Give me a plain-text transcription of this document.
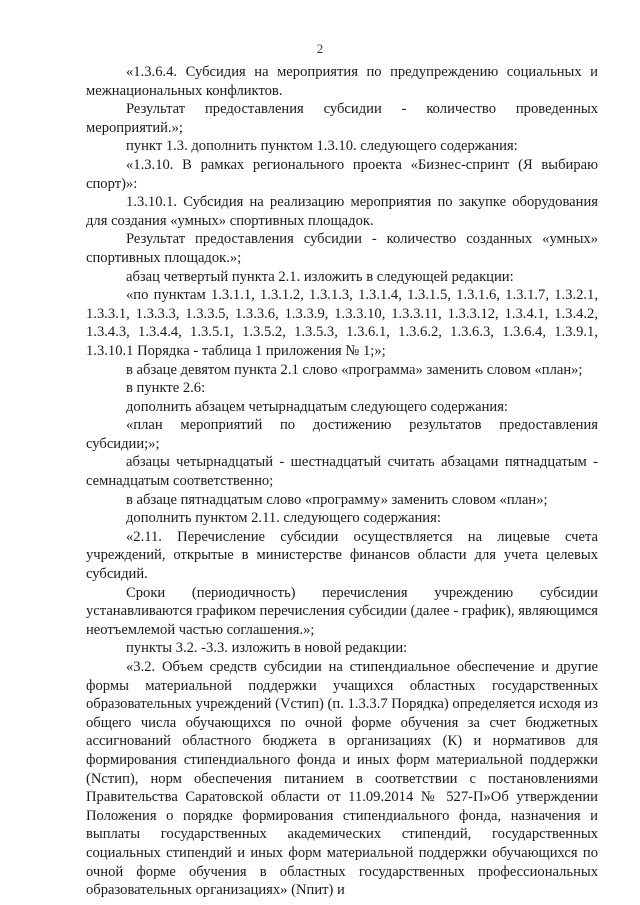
2

«1.3.6.4. Субсидия на мероприятия по предупреждению социальных и межнациональных конфликтов.

Результат предоставления субсидии - количество проведенных мероприятий.»;

пункт 1.3. дополнить пунктом 1.3.10. следующего содержания:

«1.3.10. В рамках регионального проекта «Бизнес-спринт (Я выбираю спорт)»:

1.3.10.1. Субсидия на реализацию мероприятия по закупке оборудования для создания «умных» спортивных площадок.

Результат предоставления субсидии - количество созданных «умных» спортивных площадок.»;

абзац четвертый пункта 2.1. изложить в следующей редакции:

«по пунктам 1.3.1.1, 1.3.1.2, 1.3.1.3, 1.3.1.4, 1.3.1.5, 1.3.1.6, 1.3.1.7, 1.3.2.1, 1.3.3.1, 1.3.3.3, 1.3.3.5, 1.3.3.6, 1.3.3.9, 1.3.3.10, 1.3.3.11, 1.3.3.12, 1.3.4.1, 1.3.4.2, 1.3.4.3, 1.3.4.4, 1.3.5.1, 1.3.5.2, 1.3.5.3, 1.3.6.1, 1.3.6.2, 1.3.6.3, 1.3.6.4, 1.3.9.1, 1.3.10.1 Порядка - таблица 1 приложения № 1;»;

в абзаце девятом пункта 2.1 слово «программа» заменить словом «план»;

в пункте 2.6:

дополнить абзацем четырнадцатым следующего содержания:

«план мероприятий по достижению результатов предоставления субсидии;»;

абзацы четырнадцатый - шестнадцатый считать абзацами пятнадцатым - семнадцатым соответственно;

в абзаце пятнадцатым слово «программу» заменить словом «план»;

дополнить пунктом 2.11. следующего содержания:

«2.11. Перечисление субсидии осуществляется на лицевые счета учреждений, открытые в министерстве финансов области для учета целевых субсидий.

Сроки (периодичность) перечисления учреждению субсидии устанавливаются графиком перечисления субсидии (далее - график), являющимся неотъемлемой частью соглашения.»;

пункты 3.2. -3.3. изложить в новой редакции:

«3.2. Объем средств субсидии на стипендиальное обеспечение и другие формы материальной поддержки учащихся областных государственных образовательных учреждений (Vстип) (п. 1.3.3.7 Порядка) определяется исходя из общего числа обучающихся по очной форме обучения за счет бюджетных ассигнований областного бюджета в организациях (К) и нормативов для формирования стипендиального фонда и иных форм материальной поддержки (Nстип), норм обеспечения питанием в соответствии с постановлениями Правительства Саратовской области от 11.09.2014 № 527-П»Об утверждении Положения о порядке формирования стипендиального фонда, назначения и выплаты государственных академических стипендий, государственных социальных стипендий и иных форм материальной поддержки обучающихся по очной форме обучения в областных государственных профессиональных образовательных организациях» (Nпит) и
